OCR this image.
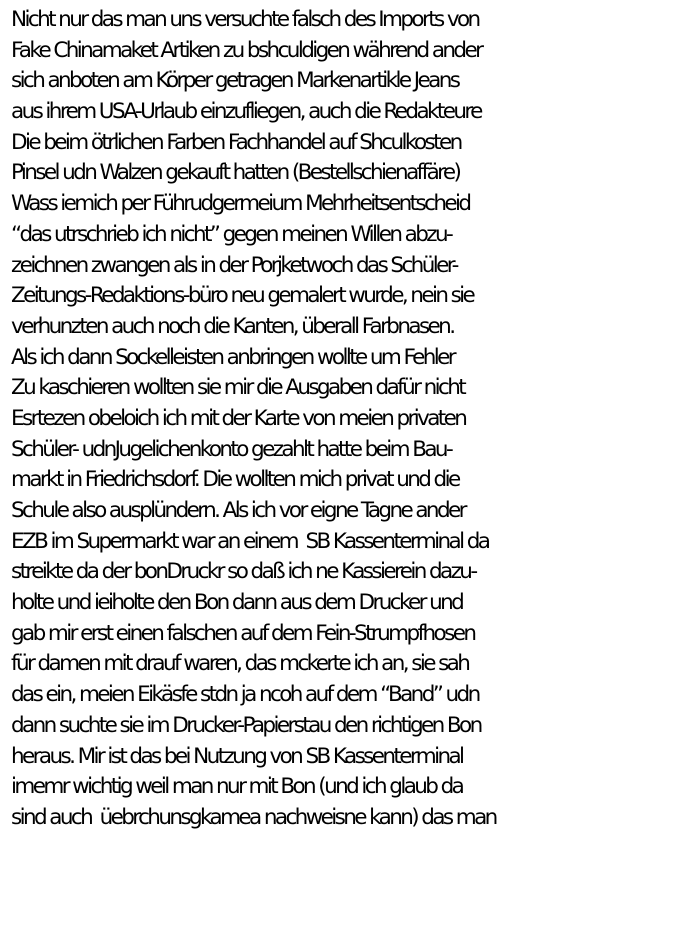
Nicht nur das man uns versuchte falsch des Imports von
Fake Chinamaket Artiken zu bshculdigen während ander
sich anboten am Körper getragen Markenartikle Jeans
aus ihrem USA-Urlaub einzufliegen, auch die Redakteure
Die beim ötrlichen Farben Fachhandel auf Shculkosten
Pinsel udn Walzen gekauft hatten (Bestellschienaffäre)
Wass iemich per Führudgermeium Mehrheitsentscheid
“das utrschrieb ich nicht” gegen meinen Willen abzu-
zeichnen zwangen als in der Porjketwoch das Schüler-
Zeitungs-Redaktions-büro neu gemalert wurde, nein sie
verhunzten auch noch die Kanten, überall Farbnasen.
Als ich dann Sockelleisten anbringen wollte um Fehler
Zu kaschieren wollten sie mir die Ausgaben dafür nicht
Esrtezen obeloich ich mit der Karte von meien privaten
Schüler- udnJugelichenkonto gezahlt hatte beim Bau-
markt in Friedrichsdorf. Die wollten mich privat und die
Schule also ausplündern. Als ich vor eigne Tagne ander
EZB im Supermarkt war an einem  SB Kassenterminal da
streikte da der bonDruckr so daß ich ne Kassierein dazu-
holte und ieiholte den Bon dann aus dem Drucker und
gab mir erst einen falschen auf dem Fein-Strumpfhosen
für damen mit drauf waren, das mckerte ich an, sie sah
das ein, meien Eikäsfe stdn ja ncoh auf dem “Band” udn
dann suchte sie im Drucker-Papierstau den richtigen Bon
heraus. Mir ist das bei Nutzung von SB Kassenterminal
imemr wichtig weil man nur mit Bon (und ich glaub da
sind auch  üebrchunsgkamea nachweisne kann) das man
